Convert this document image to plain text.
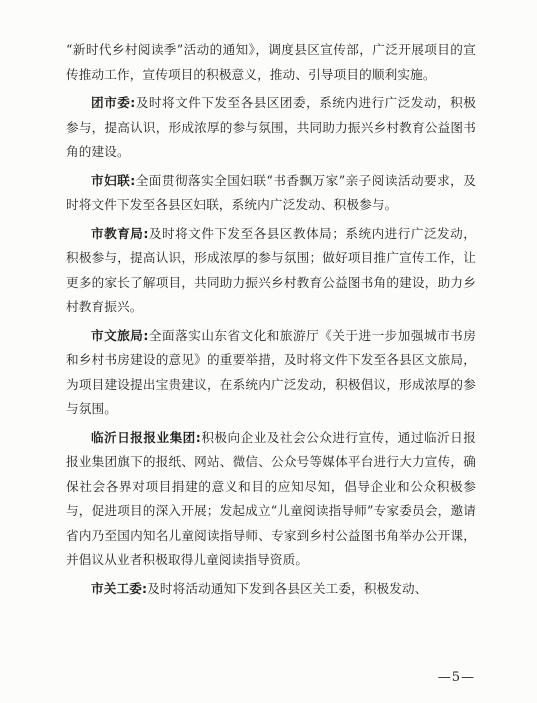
“新时代乡村阅读季”活动的通知》，调度县区宣传部，广泛开展项目的宣传推动工作，宣传项目的积极意义，推动、引导项目的顺利实施。

团市委:及时将文件下发至各县区团委，系统内进行广泛发动，积极参与，提高认识，形成浓厚的参与氛围，共同助力振兴乡村教育公益图书角的建设。

市妇联:全面贯彻落实全国妇联“书香飘万家”亲子阅读活动要求，及时将文件下发至各县区妇联，系统内广泛发动、积极参与。

市教育局:及时将文件下发至各县区教体局；系统内进行广泛发动，积极参与，提高认识，形成浓厚的参与氛围；做好项目推广宣传工作，让更多的家长了解项目，共同助力振兴乡村教育公益图书角的建设，助力乡村教育振兴。

市文旅局:全面落实山东省文化和旅游厅《关于进一步加强城市书房和乡村书房建设的意见》的重要举措，及时将文件下发至各县区文旅局，为项目建设提出宝贵建议，在系统内广泛发动，积极倡议，形成浓厚的参与氛围。

临沂日报报业集团:积极向企业及社会公众进行宣传，通过临沂日报报业集团旗下的报纸、网站、微信、公众号等媒体平台进行大力宣传，确保社会各界对项目捐建的意义和目的应知尽知，倡导企业和公众积极参与，促进项目的深入开展；发起成立“儿童阅读指导师”专家委员会，邀请省内乃至国内知名儿童阅读指导师、专家到乡村公益图书角举办公开课，并倡议从业者积极取得儿童阅读指导资质。

市关工委:及时将活动通知下发到各县区关工委，积极发动、

—5—
